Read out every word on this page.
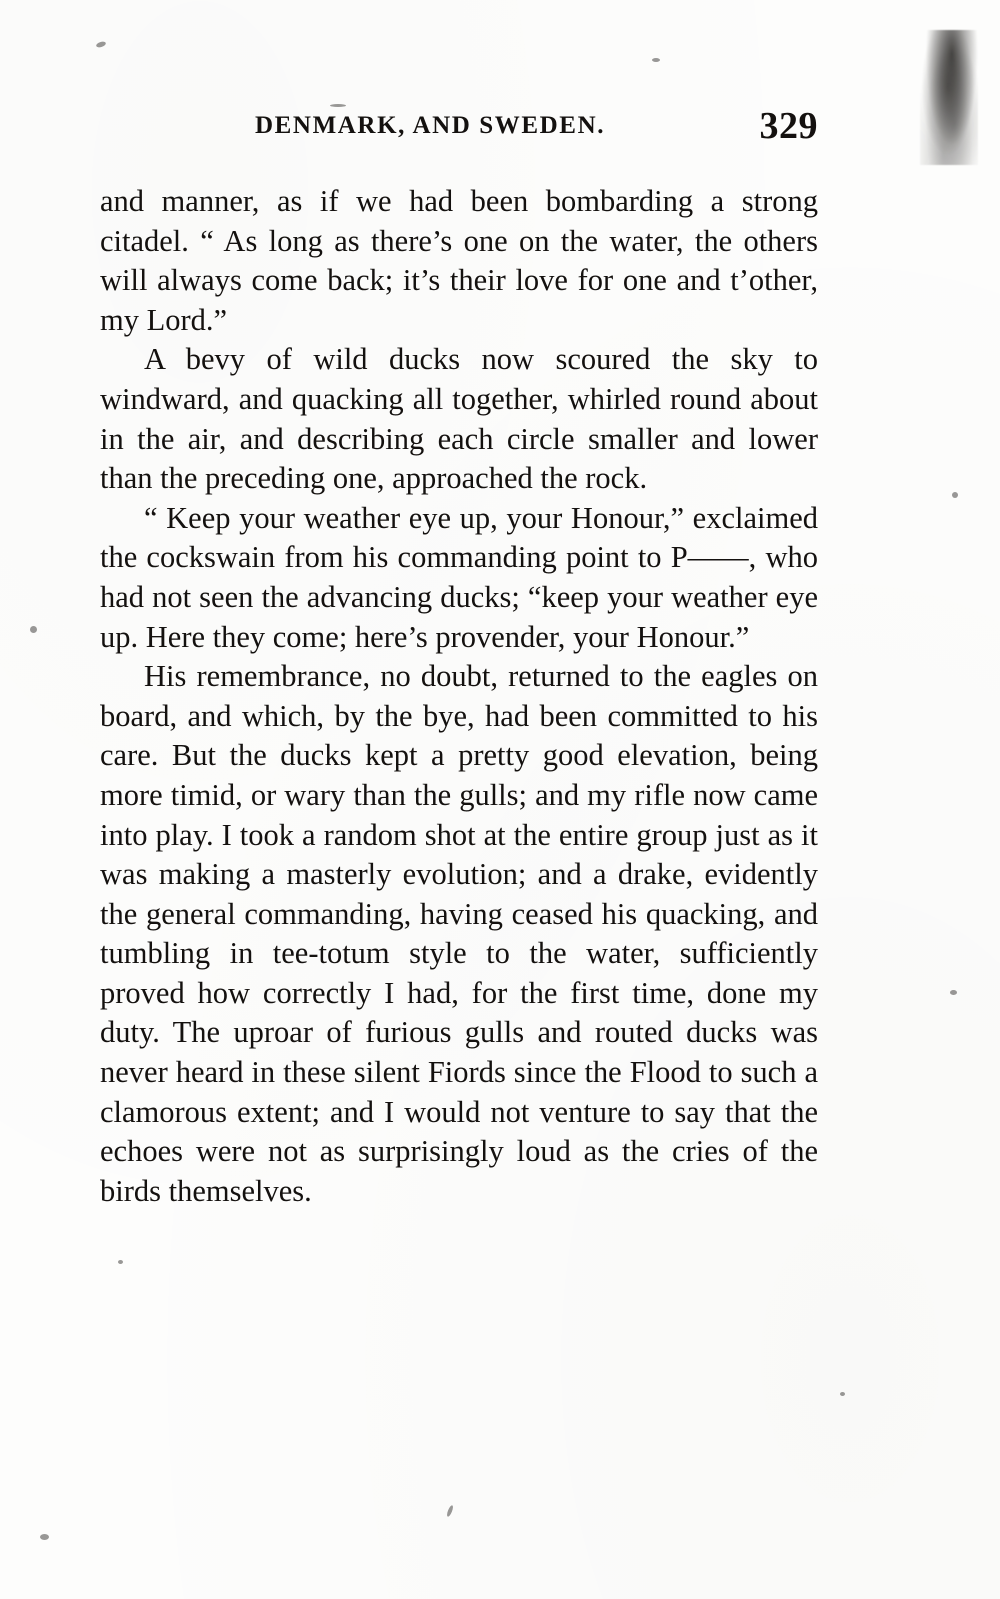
DENMARK, AND SWEDEN.	329

and manner, as if we had been bombarding a strong citadel. “ As long as there’s one on the water, the others will always come back; it’s their love for one and t’other, my Lord.”

A bevy of wild ducks now scoured the sky to windward, and quacking all together, whirled round about in the air, and describing each circle smaller and lower than the preceding one, approached the rock.

“ Keep your weather eye up, your Honour,” exclaimed the cockswain from his commanding point to P——, who had not seen the advancing ducks; “keep your weather eye up. Here they come; here’s provender, your Honour.”

His remembrance, no doubt, returned to the eagles on board, and which, by the bye, had been committed to his care. But the ducks kept a pretty good elevation, being more timid, or wary than the gulls; and my rifle now came into play. I took a random shot at the entire group just as it was making a masterly evolution; and a drake, evidently the general commanding, having ceased his quacking, and tumbling in tee-totum style to the water, sufficiently proved how correctly I had, for the first time, done my duty. The uproar of furious gulls and routed ducks was never heard in these silent Fiords since the Flood to such a clamorous extent; and I would not venture to say that the echoes were not as surprisingly loud as the cries of the birds themselves.
